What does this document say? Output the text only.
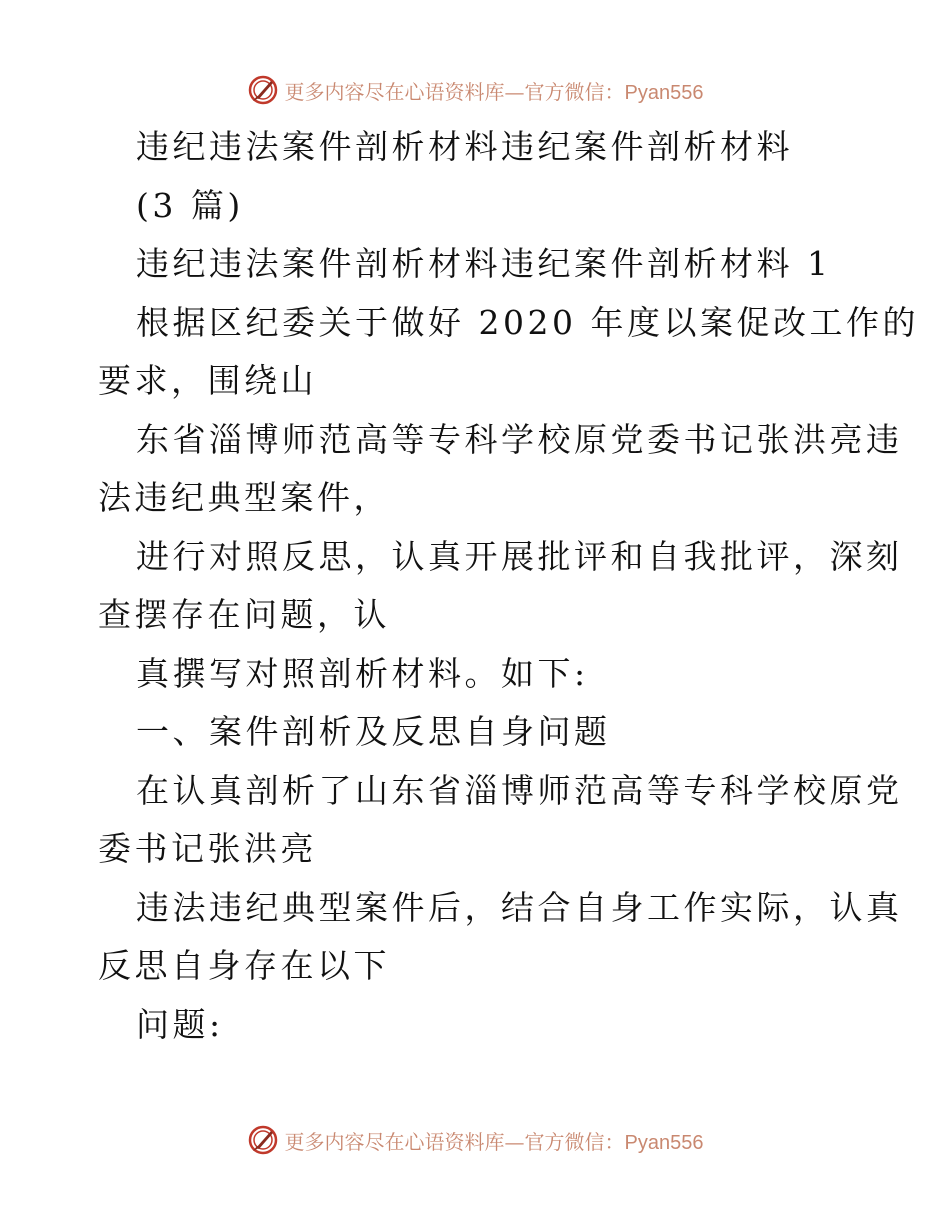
更多内容尽在心语资料库—官方微信：Pyan556
违纪违法案件剖析材料违纪案件剖析材料
(3 篇)
违纪违法案件剖析材料违纪案件剖析材料 1
根据区纪委关于做好 2020 年度以案促改工作的
要求，围绕山
东省淄博师范高等专科学校原党委书记张洪亮违
法违纪典型案件，
进行对照反思，认真开展批评和自我批评，深刻
查摆存在问题，认
真撰写对照剖析材料。如下:
一、案件剖析及反思自身问题
在认真剖析了山东省淄博师范高等专科学校原党
委书记张洪亮
违法违纪典型案件后，结合自身工作实际，认真
反思自身存在以下
问题:
更多内容尽在心语资料库—官方微信：Pyan556
